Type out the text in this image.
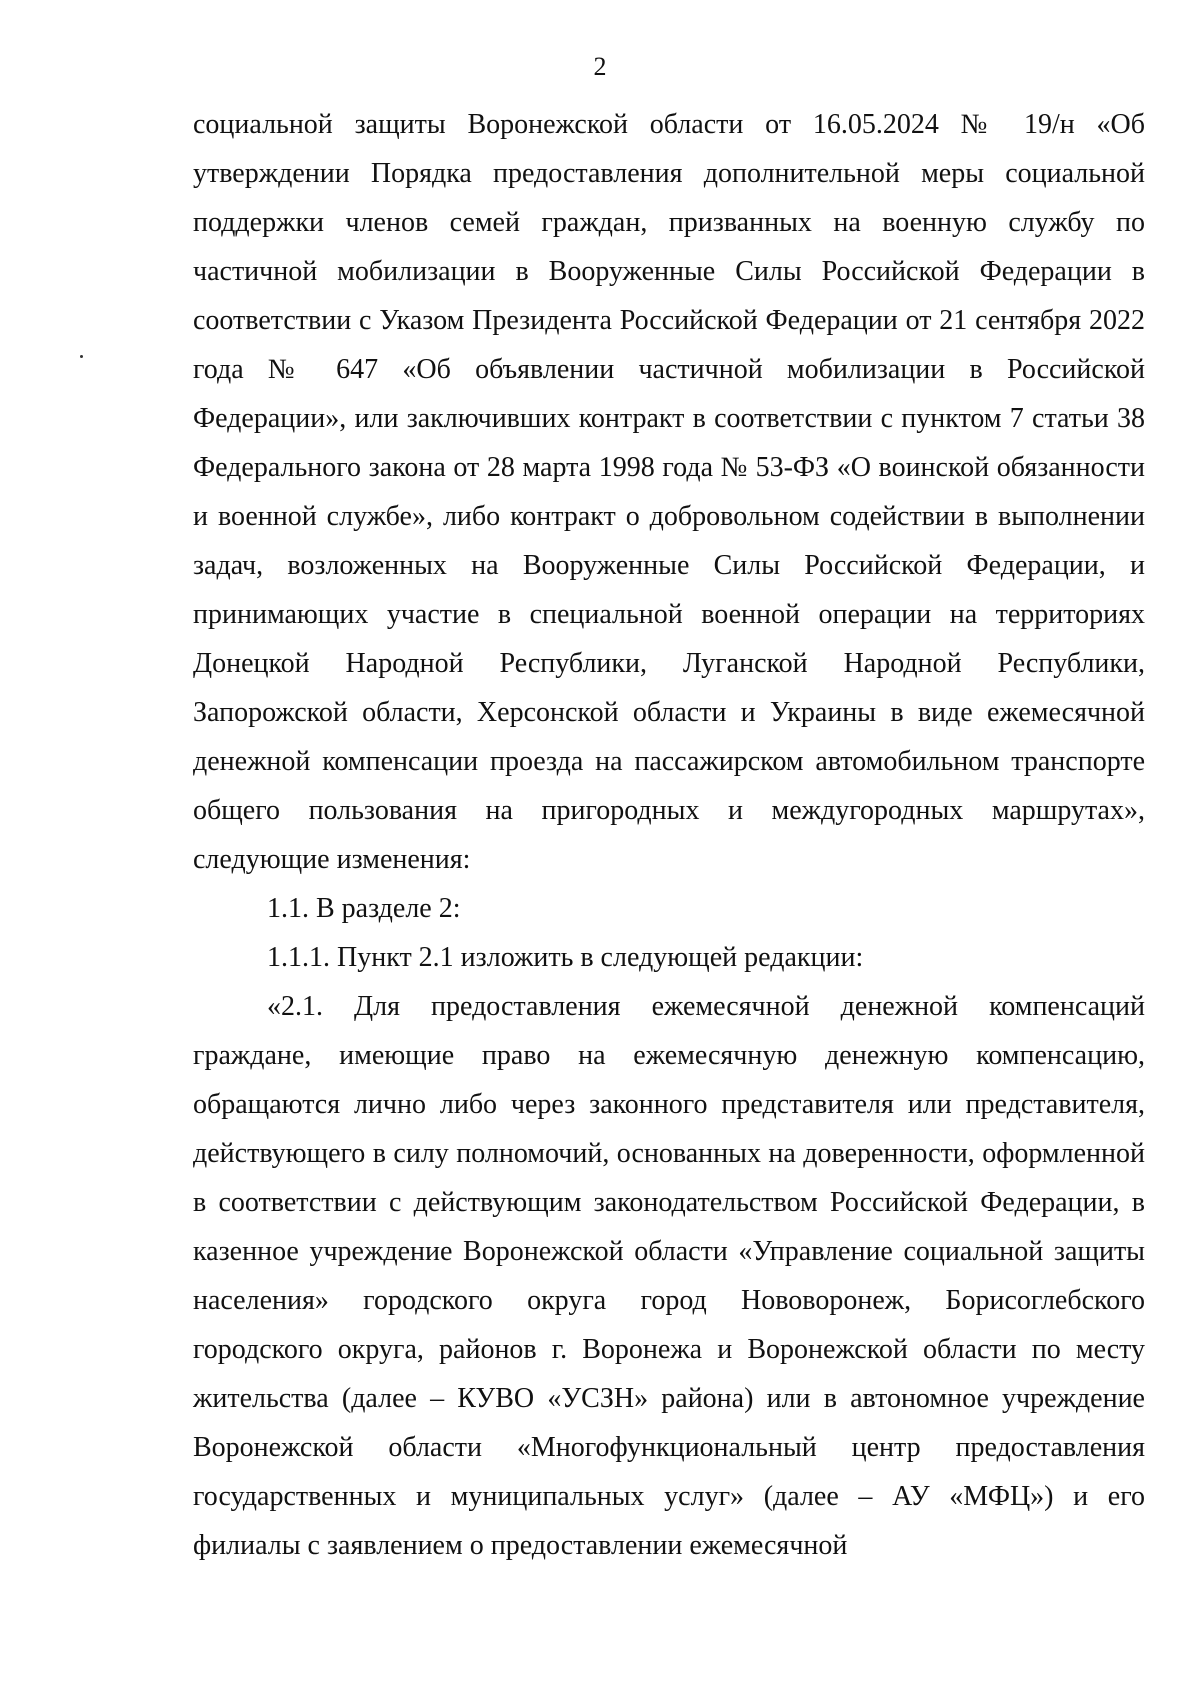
2

социальной защиты Воронежской области от 16.05.2024 № 19/н «Об утверждении Порядка предоставления дополнительной меры социальной поддержки членов семей граждан, призванных на военную службу по частичной мобилизации в Вооруженные Силы Российской Федерации в соответствии с Указом Президента Российской Федерации от 21 сентября 2022 года № 647 «Об объявлении частичной мобилизации в Российской Федерации», или заключивших контракт в соответствии с пунктом 7 статьи 38 Федерального закона от 28 марта 1998 года № 53-ФЗ «О воинской обязанности и военной службе», либо контракт о добровольном содействии в выполнении задач, возложенных на Вооруженные Силы Российской Федерации, и принимающих участие в специальной военной операции на территориях Донецкой Народной Республики, Луганской Народной Республики, Запорожской области, Херсонской области и Украины в виде ежемесячной денежной компенсации проезда на пассажирском автомобильном транспорте общего пользования на пригородных и междугородных маршрутах», следующие изменения:

1.1. В разделе 2:

1.1.1. Пункт 2.1 изложить в следующей редакции:

«2.1. Для предоставления ежемесячной денежной компенсаций граждане, имеющие право на ежемесячную денежную компенсацию, обращаются лично либо через законного представителя или представителя, действующего в силу полномочий, основанных на доверенности, оформленной в соответствии с действующим законодательством Российской Федерации, в казенное учреждение Воронежской области «Управление социальной защиты населения» городского округа город Нововоронеж, Борисоглебского городского округа, районов г. Воронежа и Воронежской области по месту жительства (далее – КУВО «УСЗН» района) или в автономное учреждение Воронежской области «Многофункциональный центр предоставления государственных и муниципальных услуг» (далее – АУ «МФЦ») и его филиалы с заявлением о предоставлении ежемесячной
